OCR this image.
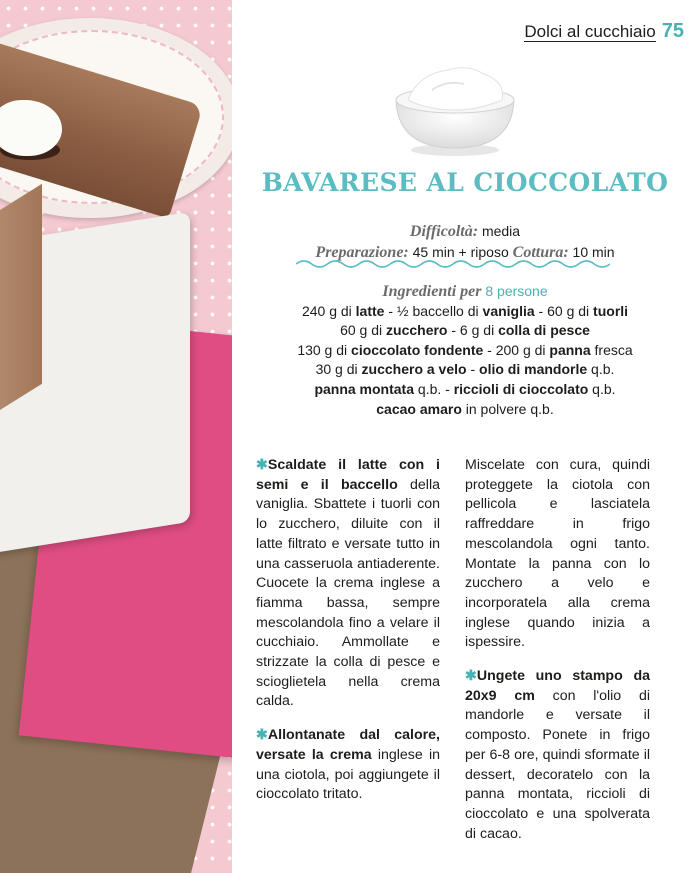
Dolci al cucchiaio 75
BAVARESE AL CIOCCOLATO
Difficoltà: media
Preparazione: 45 min + riposo Cottura: 10 min
Ingredienti per 8 persone
240 g di latte - ½ baccello di vaniglia - 60 g di tuorli
60 g di zucchero - 6 g di colla di pesce
130 g di cioccolato fondente - 200 g di panna fresca
30 g di zucchero a velo - olio di mandorle q.b.
panna montata q.b. - riccioli di cioccolato q.b.
cacao amaro in polvere q.b.

✱Scaldate il latte con i semi e il baccello della vaniglia. Sbattete i tuorli con lo zucchero, diluite con il latte filtrato e versate tutto in una casseruola antiaderente. Cuocete la crema inglese a fiamma bassa, sempre mescolandola fino a velare il cucchiaio. Ammollate e strizzate la colla di pesce e scioglietela nella crema calda.

✱Allontanate dal calore, versate la crema inglese in una ciotola, poi aggiungete il cioccolato tritato.

Miscelate con cura, quindi proteggete la ciotola con pellicola e lasciatela raffreddare in frigo mescolandola ogni tanto. Montate la panna con lo zucchero a velo e incorporatela alla crema inglese quando inizia a ispessire.

✱Ungete uno stampo da 20x9 cm con l'olio di mandorle e versate il composto. Ponete in frigo per 6-8 ore, quindi sformate il dessert, decoratelo con la panna montata, riccioli di cioccolato e una spolverata di cacao.
